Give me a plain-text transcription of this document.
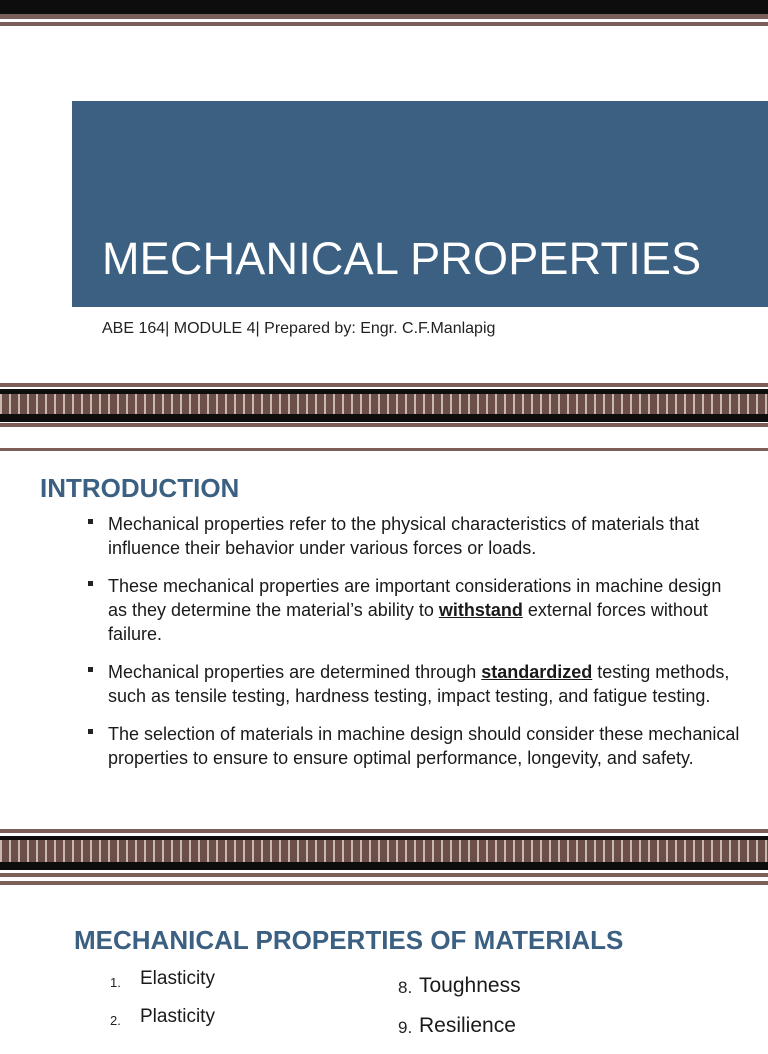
MECHANICAL PROPERTIES
ABE 164| MODULE 4| Prepared by: Engr. C.F.Manlapig
INTRODUCTION
Mechanical properties refer to the physical characteristics of materials that influence their behavior under various forces or loads.
These mechanical properties are important considerations in machine design as they determine the material’s ability to withstand external forces without failure.
Mechanical properties are determined through standardized testing methods, such as tensile testing, hardness testing, impact testing, and fatigue testing.
The selection of materials in machine design should consider these mechanical properties to ensure to ensure optimal performance, longevity, and safety.
MECHANICAL PROPERTIES OF MATERIALS
1. Elasticity
2. Plasticity
8. Toughness
9. Resilience
